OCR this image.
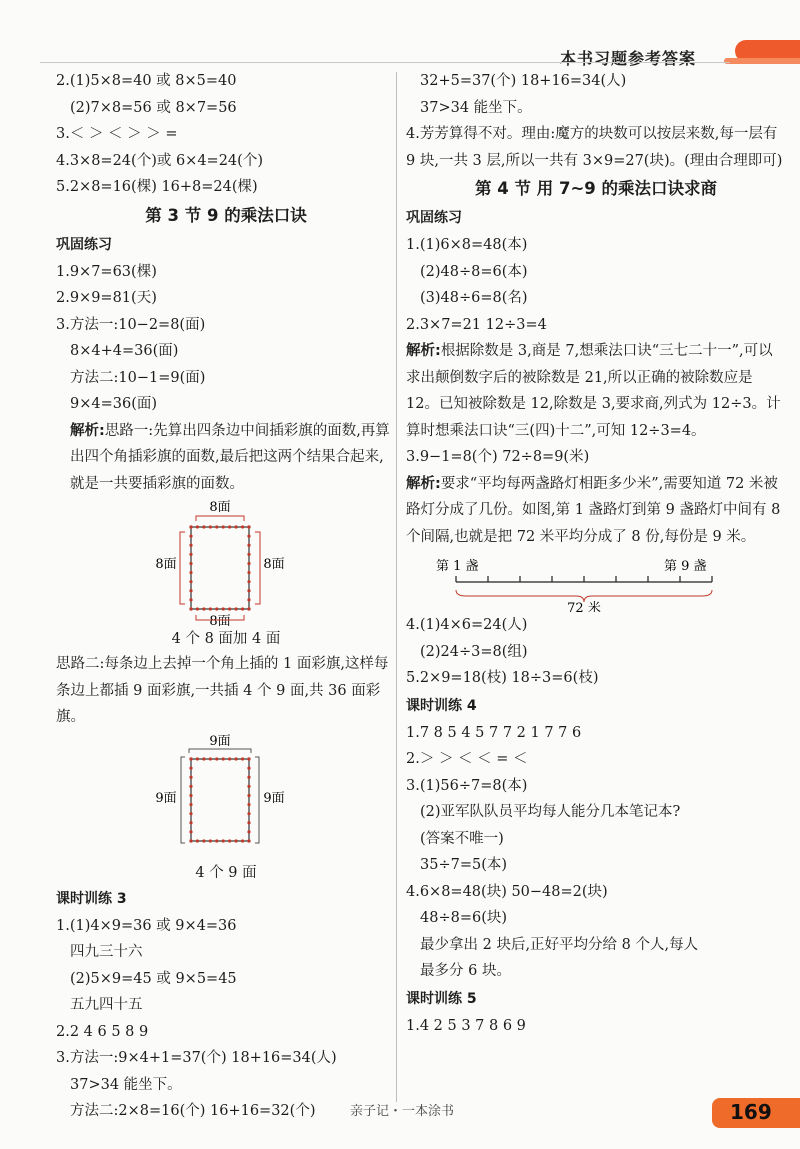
本书习题参考答案
2.(1)5×8=40 或 8×5=40
(2)7×8=56 或 8×7=56
3.＜ ＞ ＜ ＞ ＞ =
4.3×8=24(个)或 6×4=24(个)
5.2×8=16(棵) 16+8=24(棵)
第 3 节 9 的乘法口诀
巩固练习
1.9×7=63(棵)
2.9×9=81(天)
3.方法一:10−2=8(面)
8×4+4=36(面)
方法二:10−1=9(面)
9×4=36(面)
解析:思路一:先算出四条边中间插彩旗的面数,再算出四个角插彩旗的面数,最后把这两个结果合起来,就是一共要插彩旗的面数。
8面
8面	8面
8面
4 个 8 面加 4 面
思路二:每条边上去掉一个角上插的 1 面彩旗,这样每条边上都插 9 面彩旗,一共插 4 个 9 面,共 36 面彩旗。
9面
9面	9面
4 个 9 面
课时训练 3
1.(1)4×9=36 或 9×4=36
四九三十六
(2)5×9=45 或 9×5=45
五九四十五
2.2 4 6 5 8 9
3.方法一:9×4+1=37(个) 18+16=34(人)
37>34 能坐下。
方法二:2×8=16(个) 16+16=32(个)
32+5=37(个) 18+16=34(人)
37>34 能坐下。
4.芳芳算得不对。理由:魔方的块数可以按层来数,每一层有 9 块,一共 3 层,所以一共有 3×9=27(块)。(理由合理即可)
第 4 节 用 7~9 的乘法口诀求商
巩固练习
1.(1)6×8=48(本)
(2)48÷8=6(本)
(3)48÷6=8(名)
2.3×7=21 12÷3=4
解析:根据除数是 3,商是 7,想乘法口诀“三七二十一”,可以求出颠倒数字后的被除数是 21,所以正确的被除数应是 12。已知被除数是 12,除数是 3,要求商,列式为 12÷3。计算时想乘法口诀“三(四)十二”,可知 12÷3=4。
3.9−1=8(个) 72÷8=9(米)
解析:要求“平均每两盏路灯相距多少米”,需要知道 72 米被路灯分成了几份。如图,第 1 盏路灯到第 9 盏路灯中间有 8 个间隔,也就是把 72 米平均分成了 8 份,每份是 9 米。
第 1 盏	第 9 盏
72 米
4.(1)4×6=24(人)
(2)24÷3=8(组)
5.2×9=18(枝) 18÷3=6(枝)
课时训练 4
1.7 8 5 4 5 7 7 2 1 7 7 6
2.＞ ＞ ＜ ＜ = ＜
3.(1)56÷7=8(本)
(2)亚军队队员平均每人能分几本笔记本?
(答案不唯一)
35÷7=5(本)
4.6×8=48(块) 50−48=2(块)
48÷8=6(块)
最少拿出 2 块后,正好平均分给 8 个人,每人
最多分 6 块。
课时训练 5
1.4 2 5 3 7 8 6 9
亲子记・一本涂书	169
